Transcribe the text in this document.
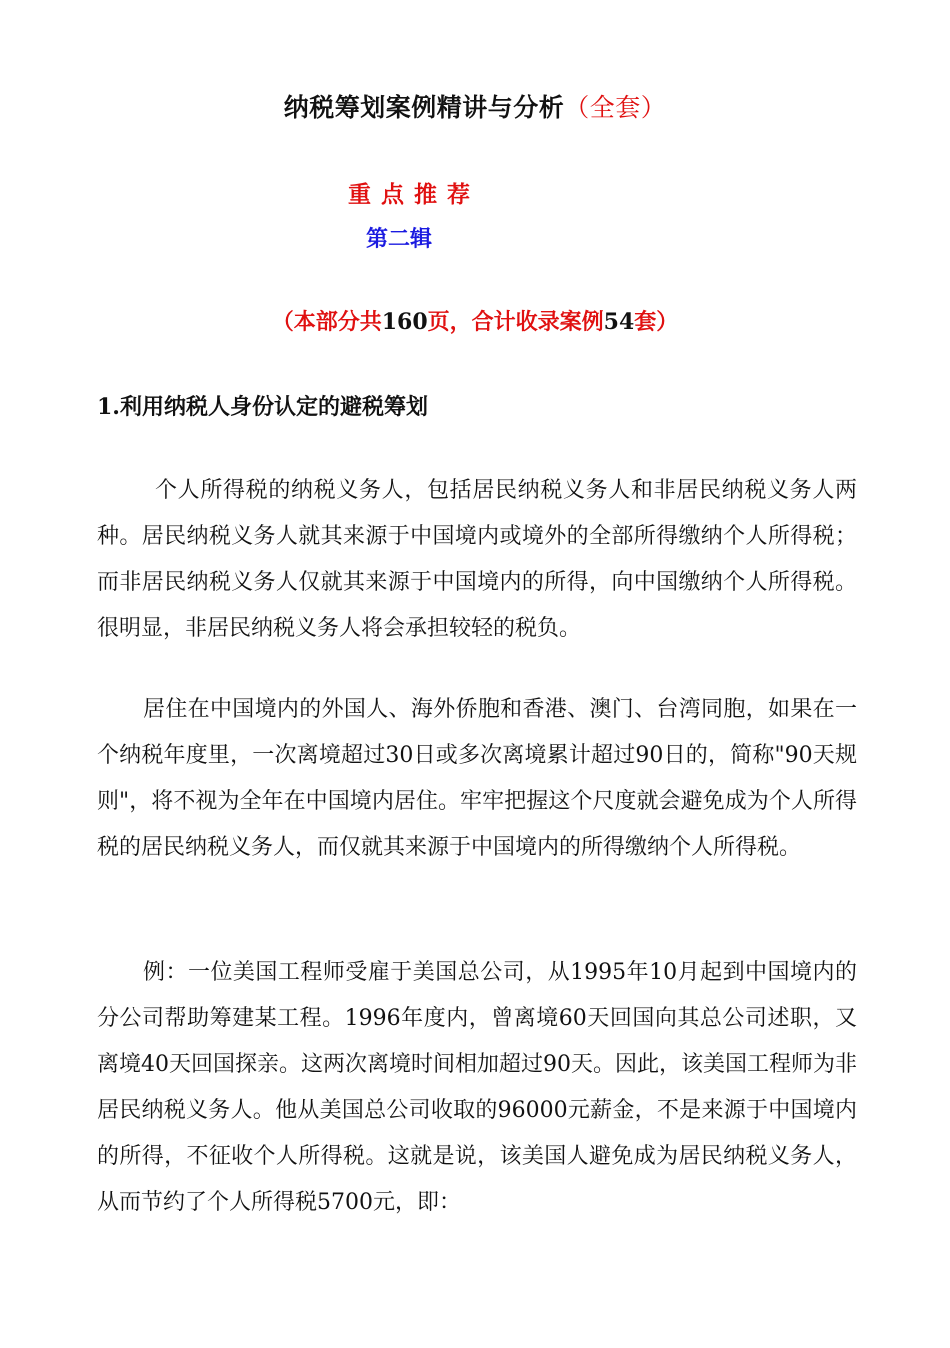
纳税筹划案例精讲与分析（全套）
重点推荐
第二辑
（本部分共160页，合计收录案例54套）
1.利用纳税人身份认定的避税筹划

个人所得税的纳税义务人，包括居民纳税义务人和非居民纳税义务人两种。居民纳税义务人就其来源于中国境内或境外的全部所得缴纳个人所得税；而非居民纳税义务人仅就其来源于中国境内的所得，向中国缴纳个人所得税。很明显，非居民纳税义务人将会承担较轻的税负。

居住在中国境内的外国人、海外侨胞和香港、澳门、台湾同胞，如果在一个纳税年度里，一次离境超过30日或多次离境累计超过90日的，简称"90天规则"，将不视为全年在中国境内居住。牢牢把握这个尺度就会避免成为个人所得税的居民纳税义务人，而仅就其来源于中国境内的所得缴纳个人所得税。

例：一位美国工程师受雇于美国总公司，从1995年10月起到中国境内的分公司帮助筹建某工程。1996年度内，曾离境60天回国向其总公司述职，又离境40天回国探亲。这两次离境时间相加超过90天。因此，该美国工程师为非居民纳税义务人。他从美国总公司收取的96000元薪金，不是来源于中国境内的所得，不征收个人所得税。这就是说，该美国人避免成为居民纳税义务人，从而节约了个人所得税5700元，即：
